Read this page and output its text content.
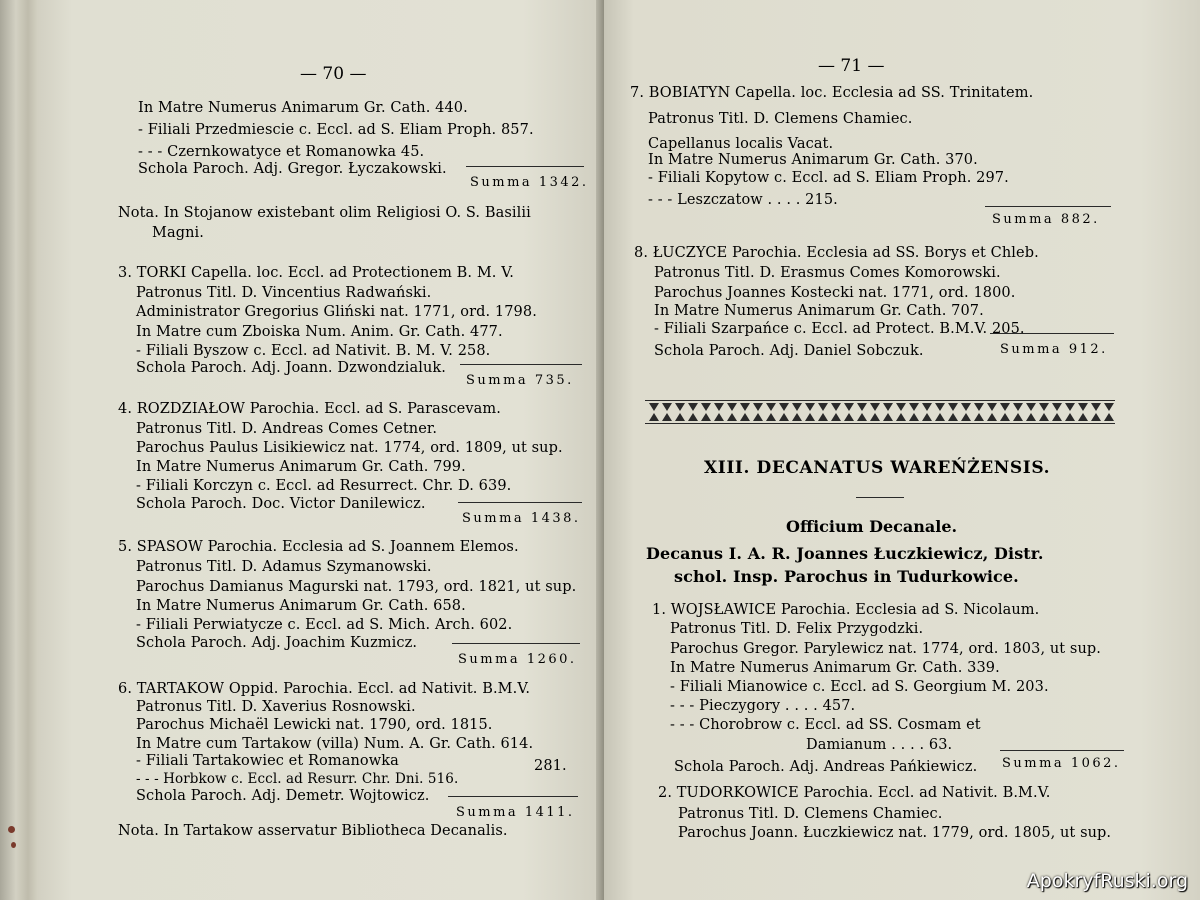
— 70 —
In Matre Numerus Animarum Gr. Cath. 440.
- Filiali Przedmiescie c. Eccl. ad S. Eliam Proph. 857.
- - - Czernkowatyce et Romanowka 45.
Schola Paroch. Adj. Gregor. Łyczakowski.
Summa 1342.
Nota. In Stojanow existebant olim Religiosi O. S. Basilii
Magni.
3. TORKI Capella. loc. Eccl. ad Protectionem B. M. V.
Patronus Titl. D. Vincentius Radwański.
Administrator Gregorius Gliński nat. 1771, ord. 1798.
In Matre cum Zboiska Num. Anim. Gr. Cath. 477.
- Filiali Byszow c. Eccl. ad Nativit. B. M. V. 258.
Schola Paroch. Adj. Joann. Dzwondzialuk.
Summa 735.
4. ROZDZIAŁOW Parochia. Eccl. ad S. Parascevam.
Patronus Titl. D. Andreas Comes Cetner.
Parochus Paulus Lisikiewicz nat. 1774, ord. 1809, ut sup.
In Matre Numerus Animarum Gr. Cath. 799.
- Filiali Korczyn c. Eccl. ad Resurrect. Chr. D. 639.
Schola Paroch. Doc. Victor Danilewicz.
Summa 1438.
5. SPASOW Parochia. Ecclesia ad S. Joannem Elemos.
Patronus Titl. D. Adamus Szymanowski.
Parochus Damianus Magurski nat. 1793, ord. 1821, ut sup.
In Matre Numerus Animarum Gr. Cath. 658.
- Filiali Perwiatycze c. Eccl. ad S. Mich. Arch. 602.
Schola Paroch. Adj. Joachim Kuzmicz.
Summa 1260.
6. TARTAKOW Oppid. Parochia. Eccl. ad Nativit. B.M.V.
Patronus Titl. D. Xaverius Rosnowski.
Parochus Michaël Lewicki nat. 1790, ord. 1815.
In Matre cum Tartakow (villa) Num. A. Gr. Cath. 614.
- Filiali Tartakowiec et Romanowka
- - - Horbkow c. Eccl. ad Resurr. Chr. Dni. 516.
281.
Schola Paroch. Adj. Demetr. Wojtowicz.
Summa 1411.
Nota. In Tartakow asservatur Bibliotheca Decanalis.
— 71 —
7. BOBIATYN Capella. loc. Ecclesia ad SS. Trinitatem.
Patronus Titl. D. Clemens Chamiec.
Capellanus localis Vacat.
In Matre Numerus Animarum Gr. Cath. 370.
- Filiali Kopytow c. Eccl. ad S. Eliam Proph. 297.
- - - Leszczatow . . . . 215.
Summa 882.
8. ŁUCZYCE Parochia. Ecclesia ad SS. Borys et Chleb.
Patronus Titl. D. Erasmus Comes Komorowski.
Parochus Joannes Kostecki nat. 1771, ord. 1800.
In Matre Numerus Animarum Gr. Cath. 707.
- Filiali Szarpańce c. Eccl. ad Protect. B.M.V. 205.
Schola Paroch. Adj. Daniel Sobczuk.	Summa 912.
XIII. DECANATUS WAREŃŻENSIS.
Officium Decanale.
Decanus I. A. R. Joannes Łuczkiewicz, Distr.
schol. Insp. Parochus in Tudurkowice.
1. WOJSŁAWICE Parochia. Ecclesia ad S. Nicolaum.
Patronus Titl. D. Felix Przygodzki.
Parochus Gregor. Parylewicz nat. 1774, ord. 1803, ut sup.
In Matre Numerus Animarum Gr. Cath. 339.
- Filiali Mianowice c. Eccl. ad S. Georgium M. 203.
- - - Pieczygory . . . . 457.
- - - Chorobrow c. Eccl. ad SS. Cosmam et
Damianum . . . . 63.
Schola Paroch. Adj. Andreas Pańkiewicz. Summa 1062.
2. TUDORKOWICE Parochia. Eccl. ad Nativit. B.M.V.
Patronus Titl. D. Clemens Chamiec.
Parochus Joann. Łuczkiewicz nat. 1779, ord. 1805, ut sup.
ApokryfRuski.org
